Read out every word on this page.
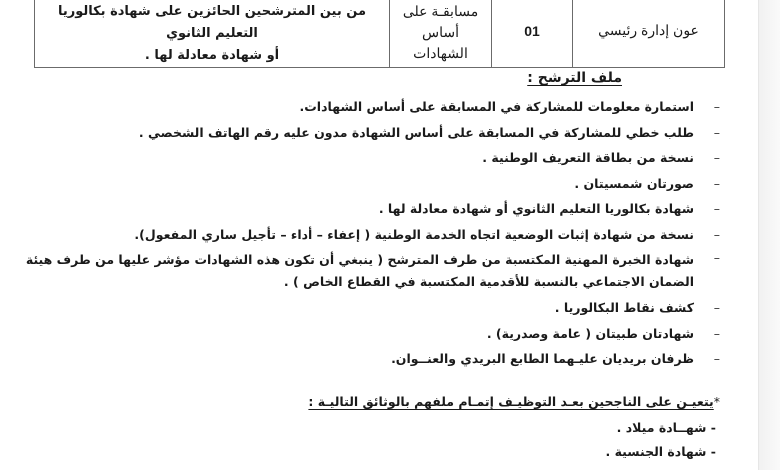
عون إدارة رئيسي
01
مسابقـة على
أساس
الشهادات
من بين المترشحين الحائزين على شهادة بكالوريا التعليم الثانوي
أو شهادة معادلة لها .
ملف الترشح :
–
استمارة معلومات للمشاركة في المسابقة على أساس الشهادات.
–
طلب خطي للمشاركة في المسابقة على أساس الشهادة مدون عليه رقم الهاتف الشخصي .
–
نسخة من بطاقة التعريف الوطنية .
–
صورتان شمسيتان .
–
شهادة بكالوريا التعليم الثانوي أو شهادة معادلة لها .
–
نسخة من شهادة إثبات الوضعية اتجاه الخدمة الوطنية ( إعفاء – أداء – تأجيل ساري المفعول).
–
شهادة الخبرة المهنية المكتسبة من طرف المترشح ( ينبغي أن تكون هذه الشهادات مؤشر عليها من طرف هيئة الضمان الاجتماعي بالنسبة للأقدمية المكتسبة في القطاع الخاص ) .
–
كشف نقاط البكالوريا .
–
شهادتان طبيتان ( عامة وصدرية) .
–
ظرفان بريديان عليـهما الطابع البريدي والعنــوان.
*يتعيـن على الناجحين بعـد التوظيـف إتمـام ملفهم بالوثائق التاليـة :
- شهــادة ميلاد .
- شهادة الجنسية .
